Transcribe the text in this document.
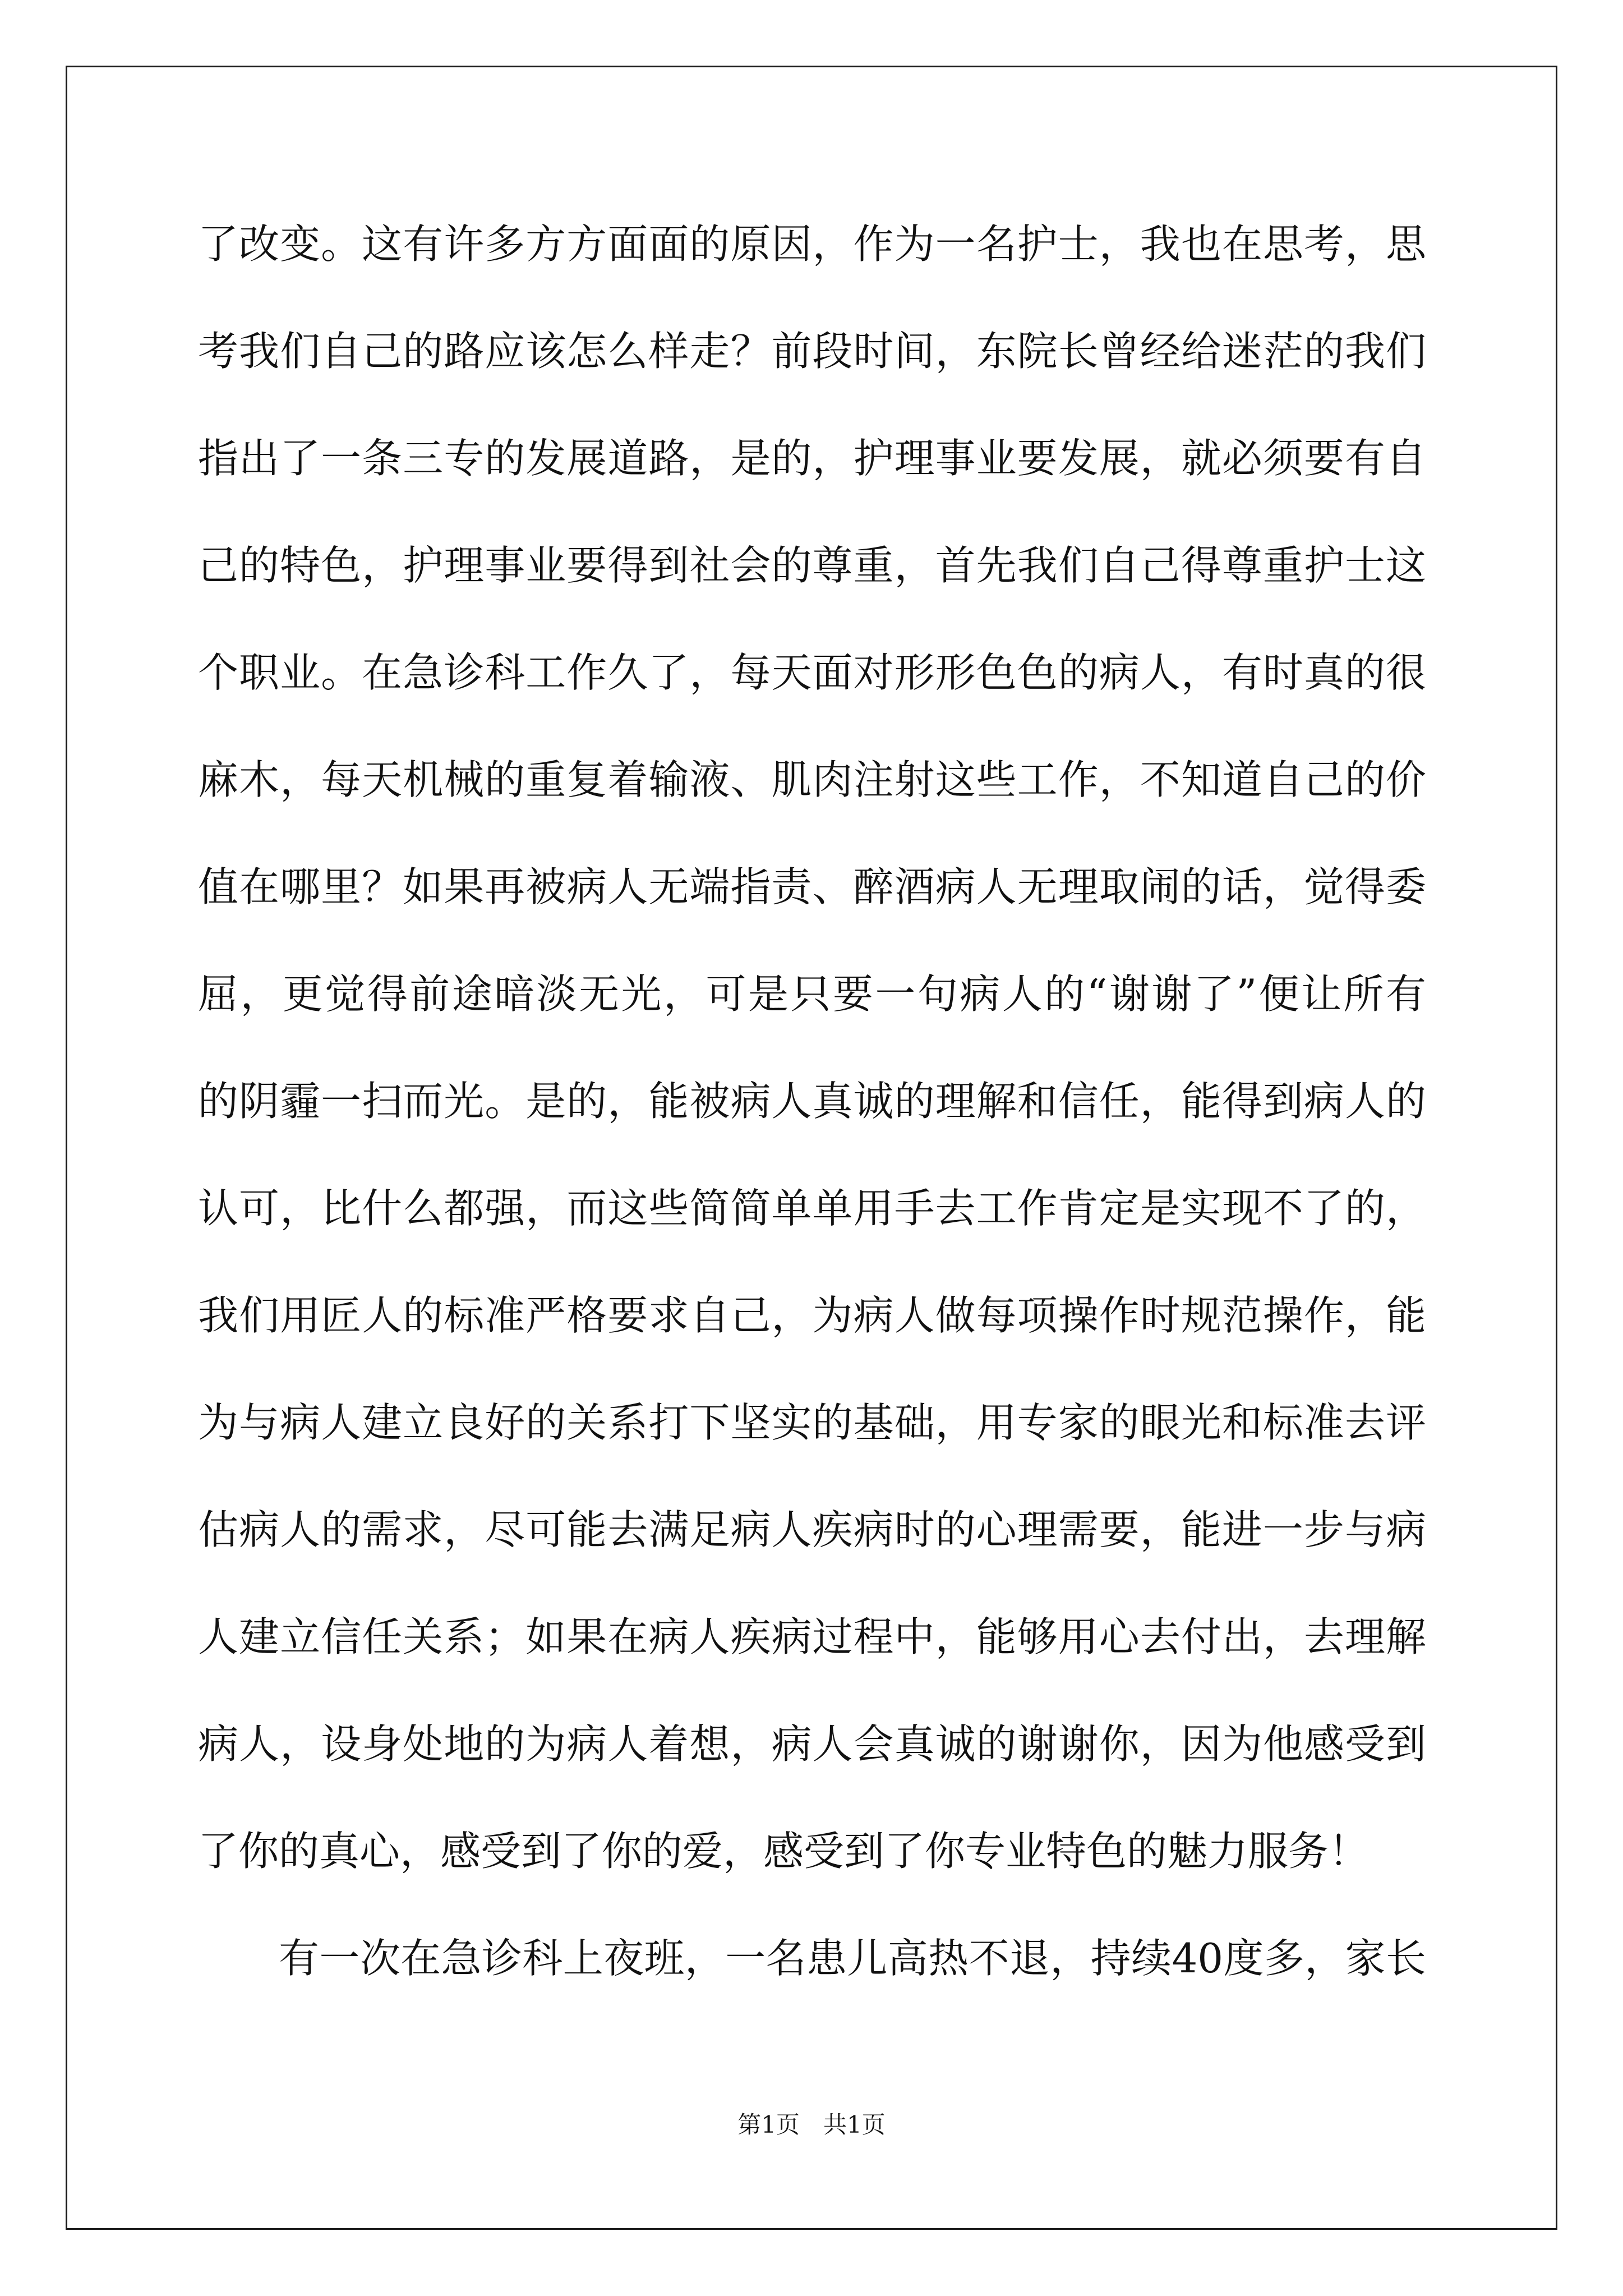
了改变。这有许多方方面面的原因，作为一名护士，我也在思考，思
考我们自己的路应该怎么样走？前段时间，东院长曾经给迷茫的我们
指出了一条三专的发展道路，是的，护理事业要发展，就必须要有自
己的特色，护理事业要得到社会的尊重，首先我们自己得尊重护士这
个职业。在急诊科工作久了，每天面对形形色色的病人，有时真的很
麻木，每天机械的重复着输液、肌肉注射这些工作，不知道自己的价
值在哪里？如果再被病人无端指责、醉酒病人无理取闹的话，觉得委
屈，更觉得前途暗淡无光，可是只要一句病人的“谢谢了”便让所有
的阴霾一扫而光。是的，能被病人真诚的理解和信任，能得到病人的
认可，比什么都强，而这些简简单单用手去工作肯定是实现不了的，
我们用匠人的标准严格要求自己，为病人做每项操作时规范操作，能
为与病人建立良好的关系打下坚实的基础，用专家的眼光和标准去评
估病人的需求，尽可能去满足病人疾病时的心理需要，能进一步与病
人建立信任关系；如果在病人疾病过程中，能够用心去付出，去理解
病人，设身处地的为病人着想，病人会真诚的谢谢你，因为他感受到
了你的真心，感受到了你的爱，感受到了你专业特色的魅力服务！
有一次在急诊科上夜班，一名患儿高热不退，持续40度多，家长
第1页　共1页
